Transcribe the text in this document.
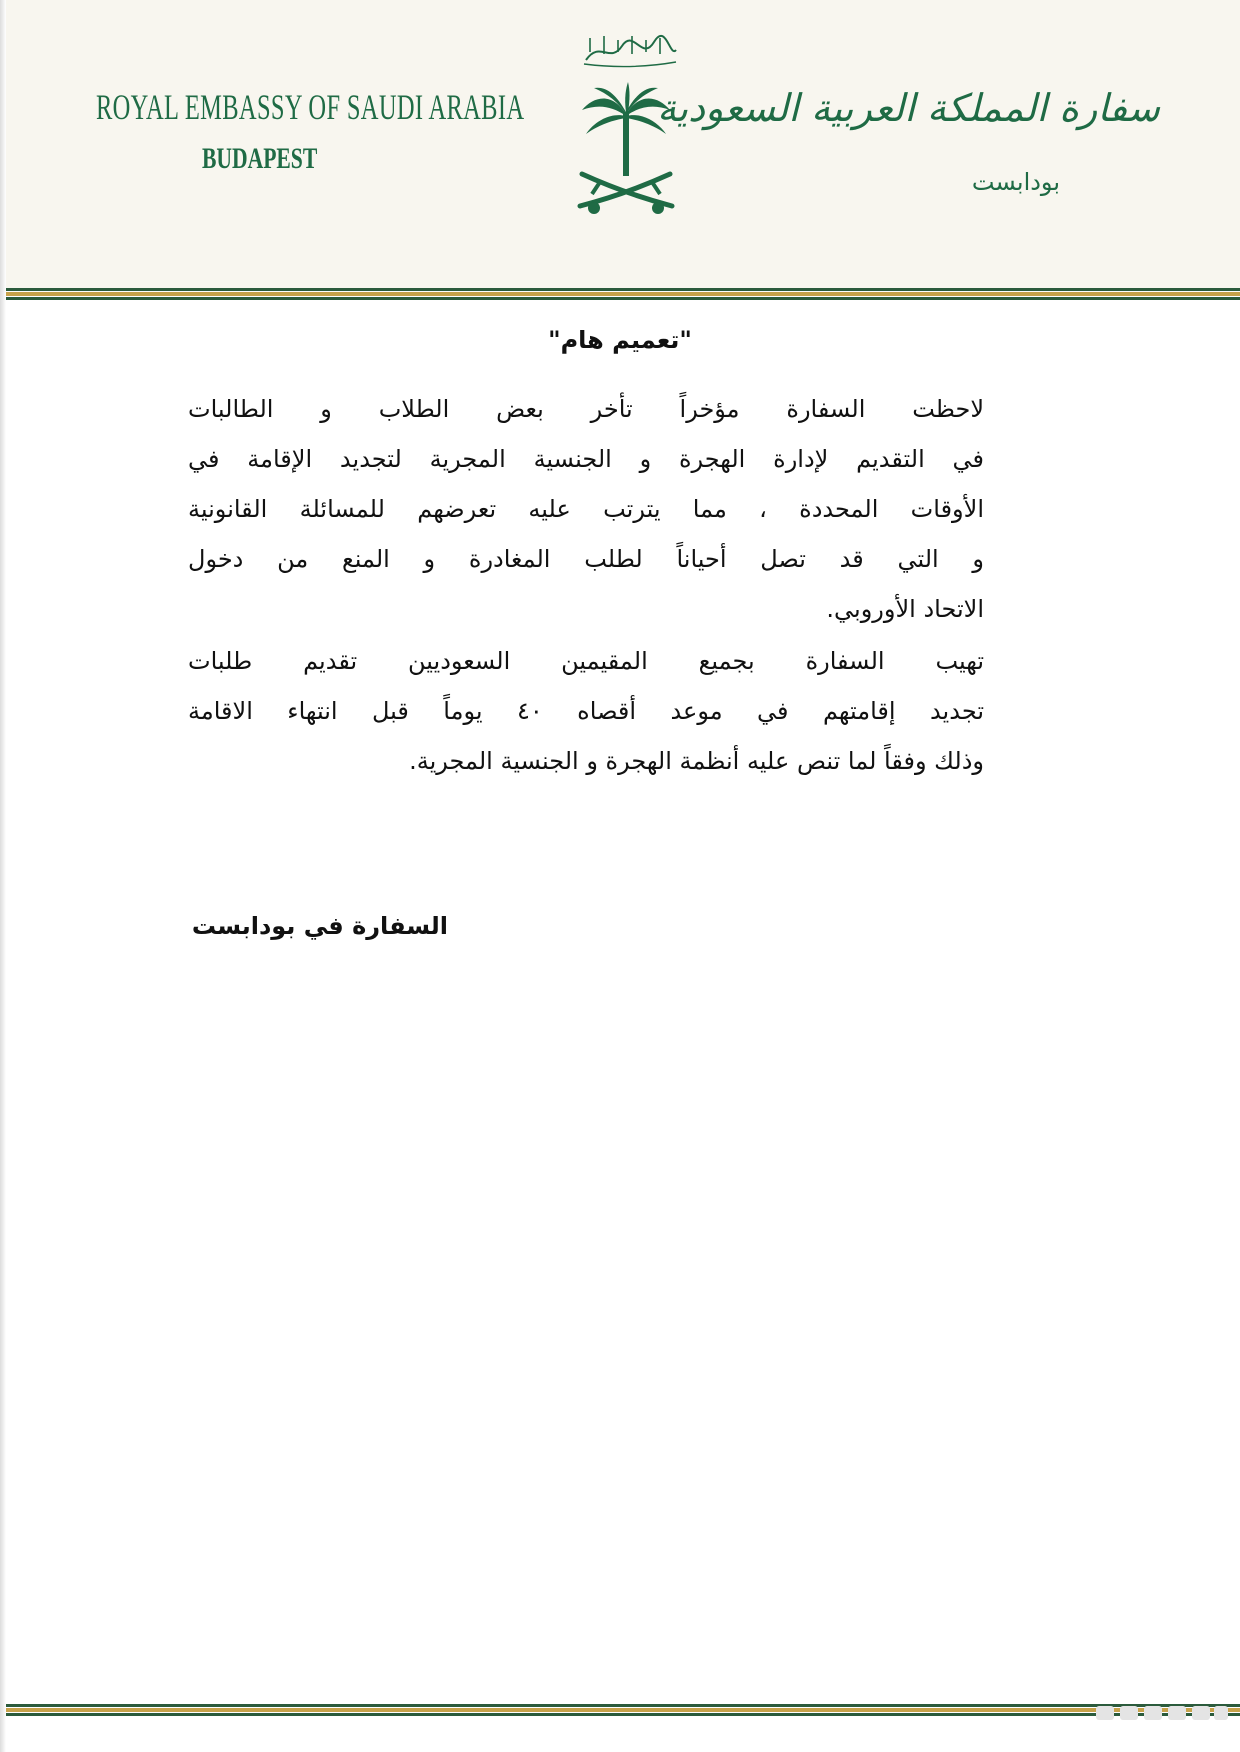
ROYAL EMBASSY OF SAUDI ARABIA
BUDAPEST
سفارة المملكة العربية السعودية
بودابست
"تعميم هام"
لاحظت السفارة مؤخراً تأخر بعض الطلاب و الطالبات
في التقديم لإدارة الهجرة و الجنسية المجرية لتجديد الإقامة في
الأوقات المحددة ، مما يترتب عليه تعرضهم للمسائلة القانونية
و التي قد تصل أحياناً لطلب المغادرة و المنع من دخول
الاتحاد الأوروبي.
تهيب السفارة بجميع المقيمين السعوديين تقديم طلبات
تجديد إقامتهم في موعد أقصاه ٤٠ يوماً قبل انتهاء الاقامة
وذلك وفقاً لما تنص عليه أنظمة الهجرة و الجنسية المجرية.
السفارة في بودابست
